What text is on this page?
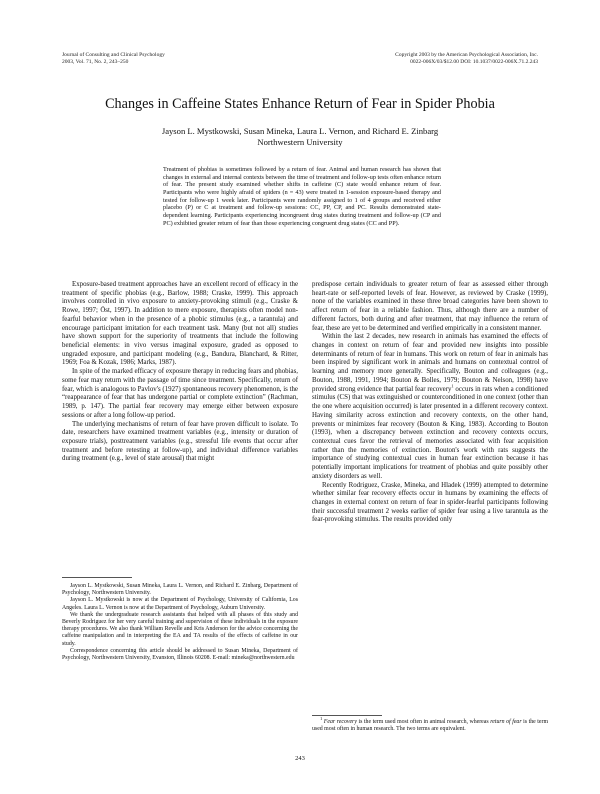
Journal of Consulting and Clinical Psychology
2003, Vol. 71, No. 2, 243–250
Copyright 2003 by the American Psychological Association, Inc.
0022-006X/03/$12.00 DOI: 10.1037/0022-006X.71.2.243
Changes in Caffeine States Enhance Return of Fear in Spider Phobia
Jayson L. Mystkowski, Susan Mineka, Laura L. Vernon, and Richard E. Zinbarg
Northwestern University
Treatment of phobias is sometimes followed by a return of fear. Animal and human research has shown that changes in external and internal contexts between the time of treatment and follow-up tests often enhance return of fear. The present study examined whether shifts in caffeine (C) state would enhance return of fear. Participants who were highly afraid of spiders (n = 43) were treated in 1-session exposure-based therapy and tested for follow-up 1 week later. Participants were randomly assigned to 1 of 4 groups and received either placebo (P) or C at treatment and follow-up sessions: CC, PP, CP, and PC. Results demonstrated state-dependent learning. Participants experiencing incongruent drug states during treatment and follow-up (CP and PC) exhibited greater return of fear than those experiencing congruent drug states (CC and PP).

Exposure-based treatment approaches have an excellent record of efficacy in the treatment of specific phobias (e.g., Barlow, 1988; Craske, 1999). This approach involves controlled in vivo exposure to anxiety-provoking stimuli (e.g., Craske & Rowe, 1997; Öst, 1997). In addition to mere exposure, therapists often model non-fearful behavior when in the presence of a phobic stimulus (e.g., a tarantula) and encourage participant imitation for each treatment task. Many (but not all) studies have shown support for the superiority of treatments that include the following beneficial elements: in vivo versus imaginal exposure, graded as opposed to ungraded exposure, and participant modeling (e.g., Bandura, Blanchard, & Ritter, 1969; Foa & Kozak, 1986; Marks, 1987).

In spite of the marked efficacy of exposure therapy in reducing fears and phobias, some fear may return with the passage of time since treatment. Specifically, return of fear, which is analogous to Pavlov's (1927) spontaneous recovery phenomenon, is the “reappearance of fear that has undergone partial or complete extinction” (Rachman, 1989, p. 147). The partial fear recovery may emerge either between exposure sessions or after a long follow-up period.

The underlying mechanisms of return of fear have proven difficult to isolate. To date, researchers have examined treatment variables (e.g., intensity or duration of exposure trials), posttreatment variables (e.g., stressful life events that occur after treatment and before retesting at follow-up), and individual difference variables during treatment (e.g., level of state arousal) that might

Jayson L. Mystkowski, Susan Mineka, Laura L. Vernon, and Richard E. Zinbarg, Department of Psychology, Northwestern University.

Jayson L. Mystkowski is now at the Department of Psychology, University of California, Los Angeles. Laura L. Vernon is now at the Department of Psychology, Auburn University.

We thank the undergraduate research assistants that helped with all phases of this study and Beverly Rodriguez for her very careful training and supervision of these individuals in the exposure therapy procedures. We also thank William Revelle and Kris Anderson for the advice concerning the caffeine manipulation and in interpreting the EA and TA results of the effects of caffeine in our study.

Correspondence concerning this article should be addressed to Susan Mineka, Department of Psychology, Northwestern University, Evanston, Illinois 60208. E-mail: mineka@northwestern.edu

predispose certain individuals to greater return of fear as assessed either through heart-rate or self-reported levels of fear. However, as reviewed by Craske (1999), none of the variables examined in these three broad categories have been shown to affect return of fear in a reliable fashion. Thus, although there are a number of different factors, both during and after treatment, that may influence the return of fear, these are yet to be determined and verified empirically in a consistent manner.

Within the last 2 decades, new research in animals has examined the effects of changes in context on return of fear and provided new insights into possible determinants of return of fear in humans. This work on return of fear in animals has been inspired by significant work in animals and humans on contextual control of learning and memory more generally. Specifically, Bouton and colleagues (e.g., Bouton, 1988, 1991, 1994; Bouton & Bolles, 1979; Bouton & Nelson, 1998) have provided strong evidence that partial fear recovery$^1$ occurs in rats when a conditioned stimulus (CS) that was extinguished or counterconditioned in one context (other than the one where acquisition occurred) is later presented in a different recovery context. Having similarity across extinction and recovery contexts, on the other hand, prevents or minimizes fear recovery (Bouton & King, 1983). According to Bouton (1993), when a discrepancy between extinction and recovery contexts occurs, contextual cues favor the retrieval of memories associated with fear acquisition rather than the memories of extinction. Bouton's work with rats suggests the importance of studying contextual cues in human fear extinction because it has potentially important implications for treatment of phobias and quite possibly other anxiety disorders as well.

Recently Rodriguez, Craske, Mineka, and Hladek (1999) attempted to determine whether similar fear recovery effects occur in humans by examining the effects of changes in external context on return of fear in spider-fearful participants following their successful treatment 2 weeks earlier of spider fear using a live tarantula as the fear-provoking stimulus. The results provided only

$^1$ Fear recovery is the term used most often in animal research, whereas return of fear is the term used most often in human research. The two terms are equivalent.

243
